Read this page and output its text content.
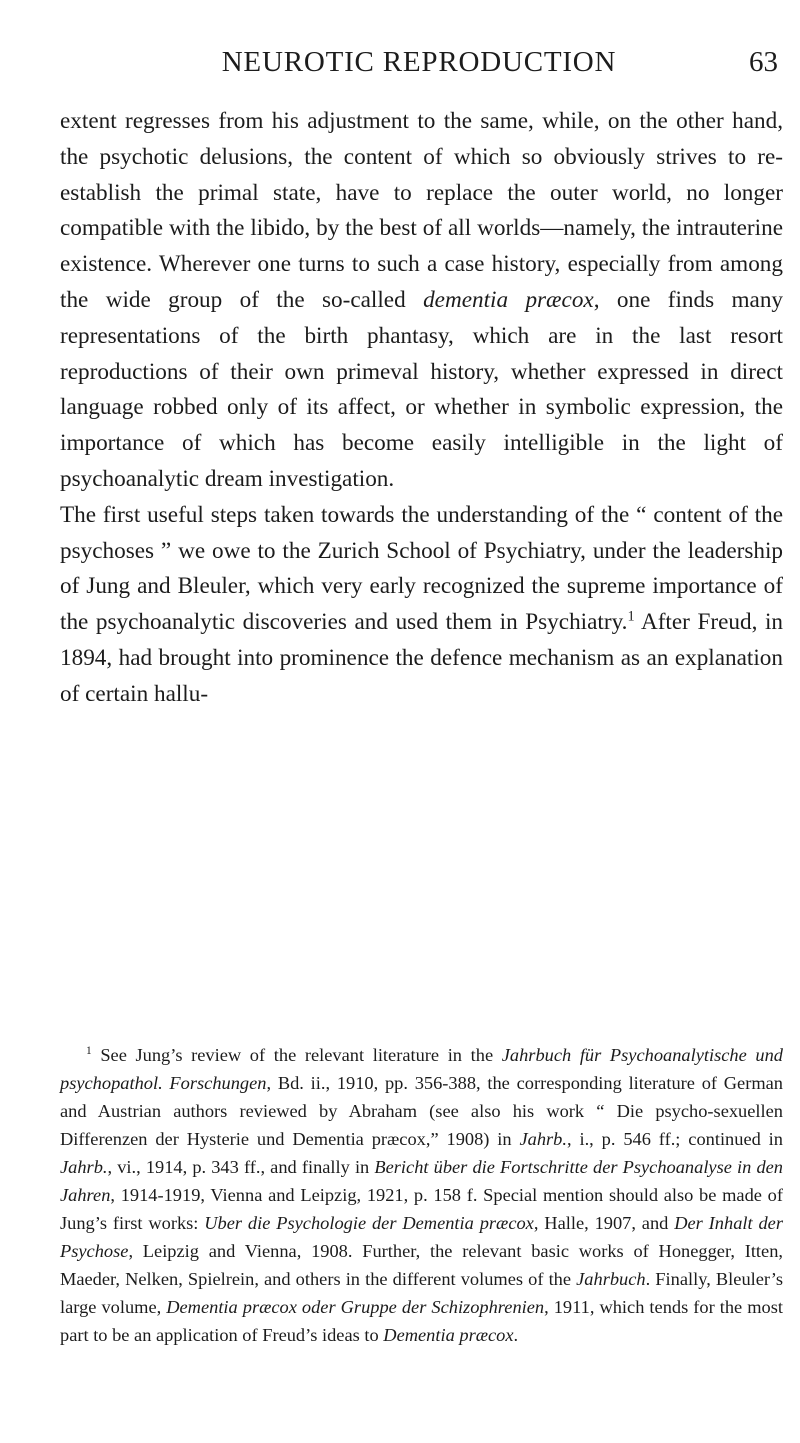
NEUROTIC REPRODUCTION	63

extent regresses from his adjustment to the same, while, on the other hand, the psychotic delusions, the content of which so obviously strives to re-establish the primal state, have to replace the outer world, no longer compatible with the libido, by the best of all worlds—namely, the intrauterine existence. Wherever one turns to such a case history, especially from among the wide group of the so-called dementia præcox, one finds many representations of the birth phantasy, which are in the last resort reproductions of their own primeval history, whether expressed in direct language robbed only of its affect, or whether in symbolic expression, the importance of which has become easily intelligible in the light of psychoanalytic dream investigation.

The first useful steps taken towards the understanding of the “ content of the psychoses ” we owe to the Zurich School of Psychiatry, under the leadership of Jung and Bleuler, which very early recognized the supreme importance of the psychoanalytic discoveries and used them in Psychiatry.$^1$ After Freud, in 1894, had brought into prominence the defence mechanism as an explanation of certain hallu-

$^1$ See Jung’s review of the relevant literature in the Jahrbuch für Psychoanalytische und psychopathol. Forschungen, Bd. ii., 1910, pp. 356-388, the corresponding literature of German and Austrian authors reviewed by Abraham (see also his work “ Die psycho-sexuellen Differenzen der Hysterie und Dementia præcox,” 1908) in Jahrb., i., p. 546 ff.; continued in Jahrb., vi., 1914, p. 343 ff., and finally in Bericht über die Fortschritte der Psychoanalyse in den Jahren, 1914-1919, Vienna and Leipzig, 1921, p. 158 f. Special mention should also be made of Jung’s first works: Uber die Psychologie der Dementia præcox, Halle, 1907, and Der Inhalt der Psychose, Leipzig and Vienna, 1908. Further, the relevant basic works of Honegger, Itten, Maeder, Nelken, Spielrein, and others in the different volumes of the Jahrbuch. Finally, Bleuler’s large volume, Dementia præcox oder Gruppe der Schizophrenien, 1911, which tends for the most part to be an application of Freud’s ideas to Dementia præcox.
